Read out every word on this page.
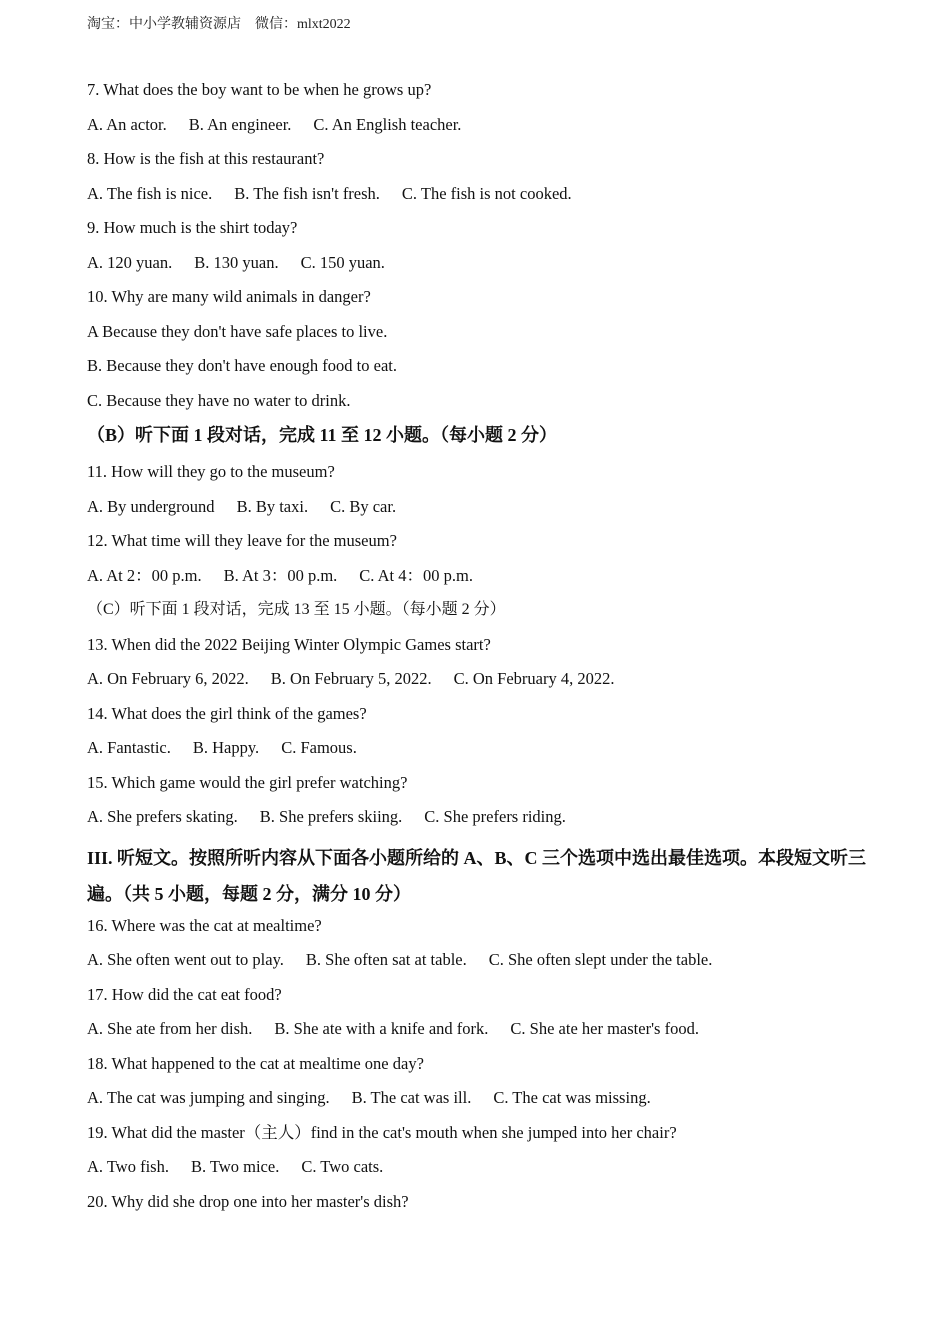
淘宝：中小学教辅资源店 微信：mlxt2022
7. What does the boy want to be when he grows up?
A. An actor. B. An engineer. C. An English teacher.
8. How is the fish at this restaurant?
A. The fish is nice. B. The fish isn't fresh. C. The fish is not cooked.
9. How much is the shirt today?
A. 120 yuan. B. 130 yuan. C. 150 yuan.
10. Why are many wild animals in danger?
A Because they don't have safe places to live.
B. Because they don't have enough food to eat.
C. Because they have no water to drink.
（B）听下面 1 段对话，完成 11 至 12 小题。（每小题 2 分）
11. How will they go to the museum?
A. By underground B. By taxi. C. By car.
12. What time will they leave for the museum?
A. At 2：00 p.m. B. At 3：00 p.m. C. At 4：00 p.m.
（C）听下面 1 段对话，完成 13 至 15 小题。（每小题 2 分）
13. When did the 2022 Beijing Winter Olympic Games start?
A. On February 6, 2022. B. On February 5, 2022. C. On February 4, 2022.
14. What does the girl think of the games?
A. Fantastic. B. Happy. C. Famous.
15. Which game would the girl prefer watching?
A. She prefers skating. B. She prefers skiing. C. She prefers riding.
III. 听短文。按照所听内容从下面各小题所给的 A、B、C 三个选项中选出最佳选项。本段短文听三遍。（共 5 小题，每题 2 分，满分 10 分）
16. Where was the cat at mealtime?
A. She often went out to play. B. She often sat at table. C. She often slept under the table.
17. How did the cat eat food?
A. She ate from her dish. B. She ate with a knife and fork. C. She ate her master's food.
18. What happened to the cat at mealtime one day?
A. The cat was jumping and singing. B. The cat was ill. C. The cat was missing.
19. What did the master（主人）find in the cat's mouth when she jumped into her chair?
A. Two fish. B. Two mice. C. Two cats.
20. Why did she drop one into her master's dish?
